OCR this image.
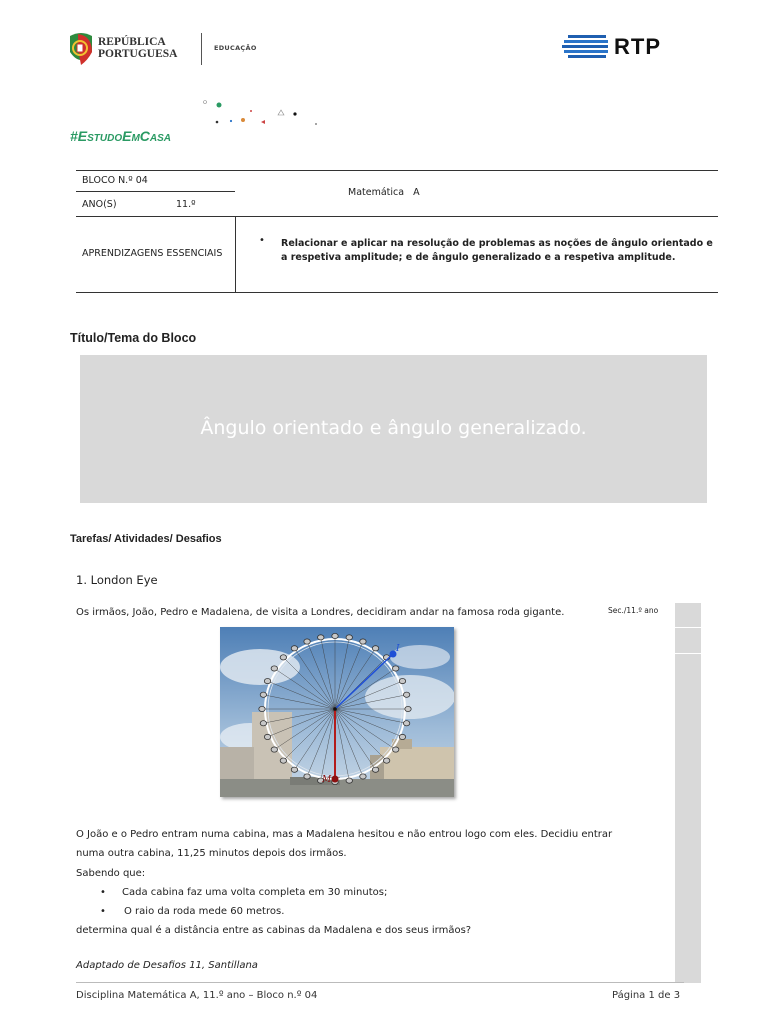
REPÚBLICA
PORTUGUESA	EDUCAÇÃO	RTP
#EstudoEmCasa
BLOCO N.º 04
ANO(S)	11.º
Matemática   A
APRENDIZAGENS ESSENCIAIS
• Relacionar e aplicar na resolução de problemas as noções de ângulo orientado e a respetiva amplitude; e de ângulo generalizado e a respetiva amplitude.
Título/Tema do Bloco
Ângulo orientado e ângulo generalizado.
Tarefas/ Atividades/ Desafios
1. London Eye
Os irmãos, João, Pedro e Madalena, de visita a Londres, decidiram andar na famosa roda gigante.	Sec./11.º ano
I
M
O João e o Pedro entram numa cabina, mas a Madalena hesitou e não entrou logo com eles. Decidiu entrar numa outra cabina, 11,25 minutos depois dos irmãos.
Sabendo que:
• Cada cabina faz uma volta completa em 30 minutos;
• O raio da roda mede 60 metros.
determina qual é a distância entre as cabinas da Madalena e dos seus irmãos?
Adaptado de Desafios 11, Santillana
Disciplina Matemática A, 11.º ano – Bloco n.º 04	Página 1 de 3
